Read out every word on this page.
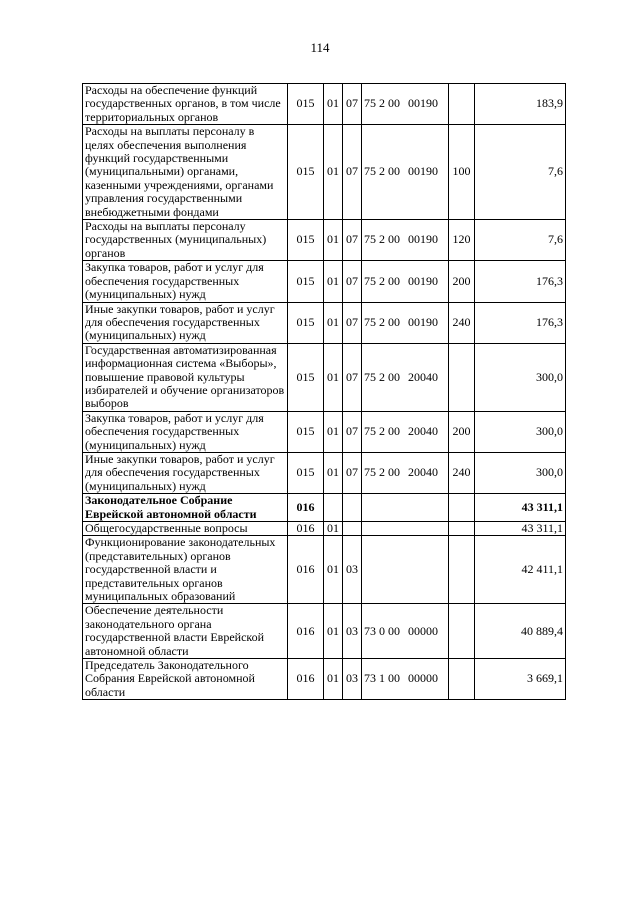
114
Расходы на обеспечение функций государственных органов, в том числе территориальных органов	015	01	07	75 2 00 00190		183,9
Расходы на выплаты персоналу в целях обеспечения выполнения функций государственными (муниципальными) органами, казенными учреждениями, органами управления государственными внебюджетными фондами	015	01	07	75 2 00 00190	100	7,6
Расходы на выплаты персоналу государственных (муниципальных) органов	015	01	07	75 2 00 00190	120	7,6
Закупка товаров, работ и услуг для обеспечения государственных (муниципальных) нужд	015	01	07	75 2 00 00190	200	176,3
Иные закупки товаров, работ и услуг для обеспечения государственных (муниципальных) нужд	015	01	07	75 2 00 00190	240	176,3
Государственная автоматизированная информационная система «Выборы», повышение правовой культуры избирателей и обучение организаторов выборов	015	01	07	75 2 00 20040		300,0
Закупка товаров, работ и услуг для обеспечения государственных (муниципальных) нужд	015	01	07	75 2 00 20040	200	300,0
Иные закупки товаров, работ и услуг для обеспечения государственных (муниципальных) нужд	015	01	07	75 2 00 20040	240	300,0
Законодательное Собрание Еврейской автономной области	016					43 311,1
Общегосударственные вопросы	016	01				43 311,1
Функционирование законодательных (представительных) органов государственной власти и представительных органов муниципальных образований	016	01	03			42 411,1
Обеспечение деятельности законодательного органа государственной власти Еврейской автономной области	016	01	03	73 0 00 00000		40 889,4
Председатель Законодательного Собрания Еврейской автономной области	016	01	03	73 1 00 00000		3 669,1
